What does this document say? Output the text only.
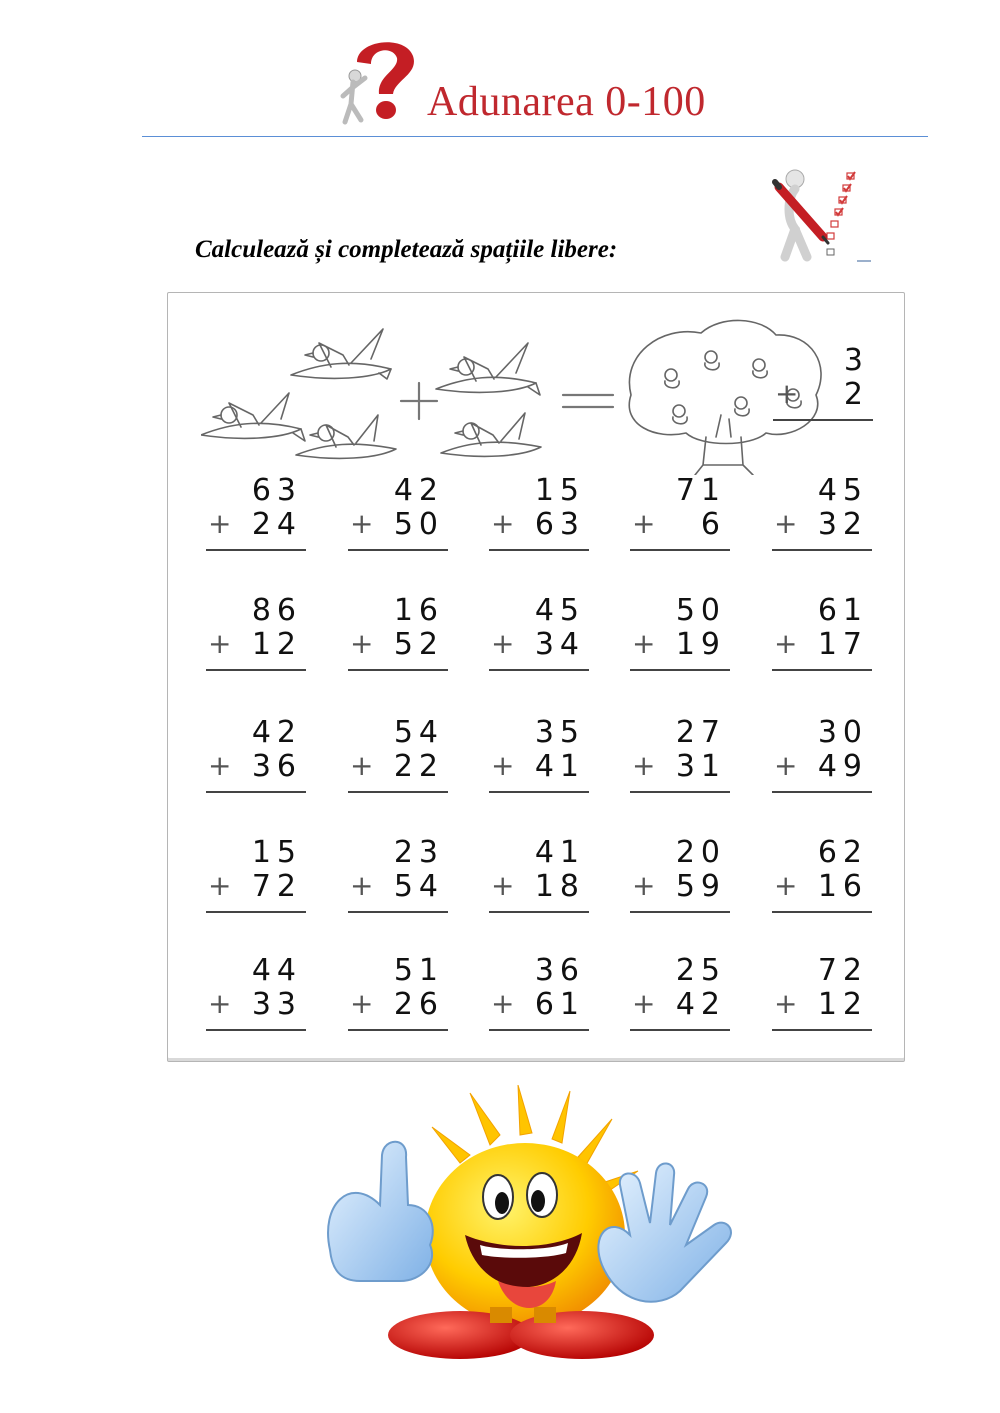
Adunarea 0-100
Calculează și completează spațiile libere:
3
+ 2
63
+ 24
42
+ 50
15
+ 63
71
+ 6
45
+ 32
86
+ 12
16
+ 52
45
+ 34
50
+ 19
61
+ 17
42
+ 36
54
+ 22
35
+ 41
27
+ 31
30
+ 49
15
+ 72
23
+ 54
41
+ 18
20
+ 59
62
+ 16
44
+ 33
51
+ 26
36
+ 61
25
+ 42
72
+ 12
